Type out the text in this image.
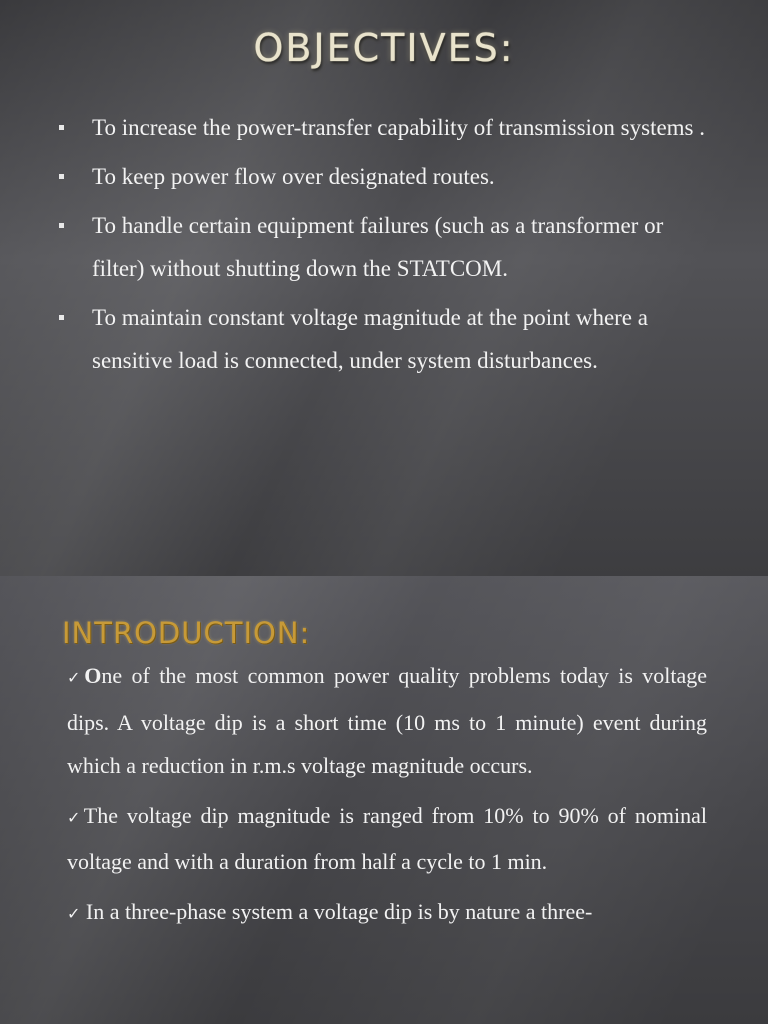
OBJECTIVES:
To increase the power-transfer capability of transmission systems .
To keep power flow over designated routes.
To handle certain equipment failures (such as a transformer or filter) without shutting down the STATCOM.
To maintain constant voltage magnitude at the point where a sensitive load is connected, under system disturbances.
INTRODUCTION:

✓One of the most common power quality problems today is voltage dips. A voltage dip is a short time (10 ms to 1 minute) event during which a reduction in r.m.s voltage magnitude occurs.

✓The voltage dip magnitude is ranged from 10% to 90% of nominal voltage and with a duration from half a cycle to 1 min.

✓ In a three-phase system a voltage dip is by nature a three-
